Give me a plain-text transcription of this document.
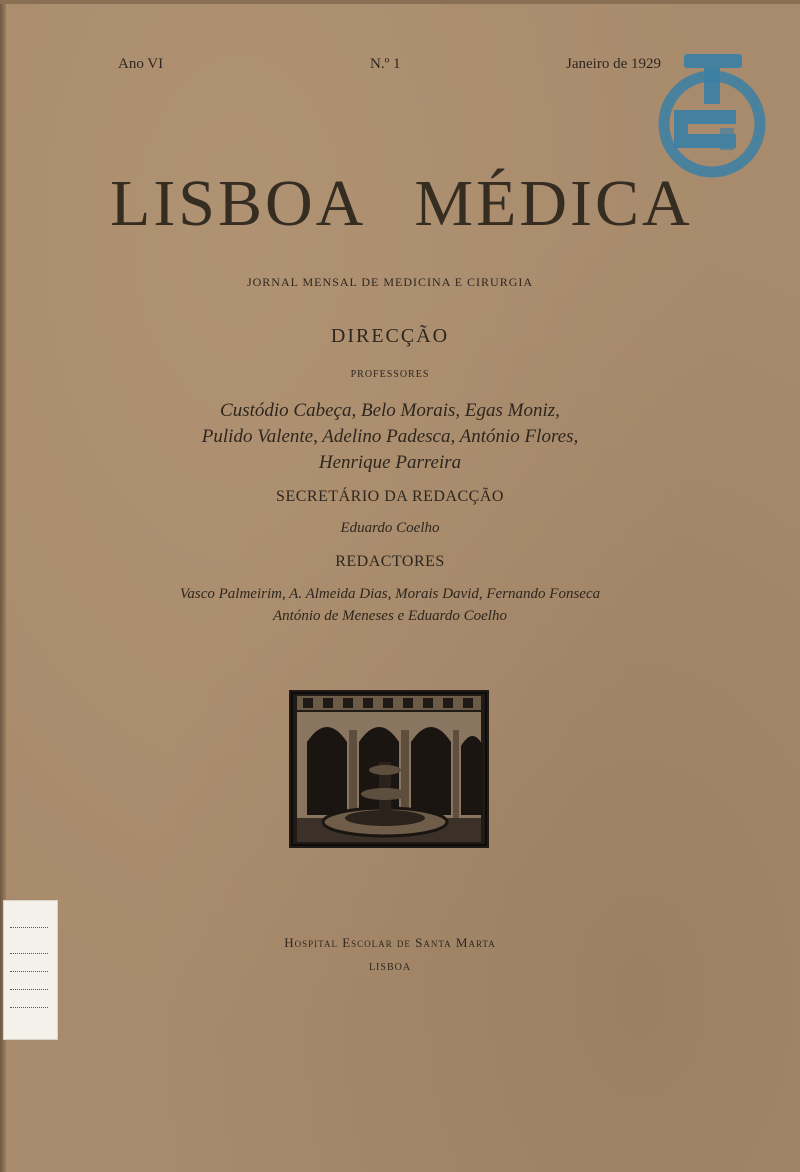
Ano VI	N.º 1	Janeiro de 1929
LISBOA MÉDICA
JORNAL MENSAL DE MEDICINA E CIRURGIA
DIRECÇÃO
PROFESSORES
Custódio Cabeça, Belo Morais, Egas Moniz,
Pulido Valente, Adelino Padesca, António Flores,
Henrique Parreira
SECRETÁRIO DA REDACÇÃO
Eduardo Coelho
REDACTORES
Vasco Palmeirim, A. Almeida Dias, Morais David, Fernando Fonseca
António de Meneses e Eduardo Coelho
Hospital Escolar de Santa Marta
LISBOA
